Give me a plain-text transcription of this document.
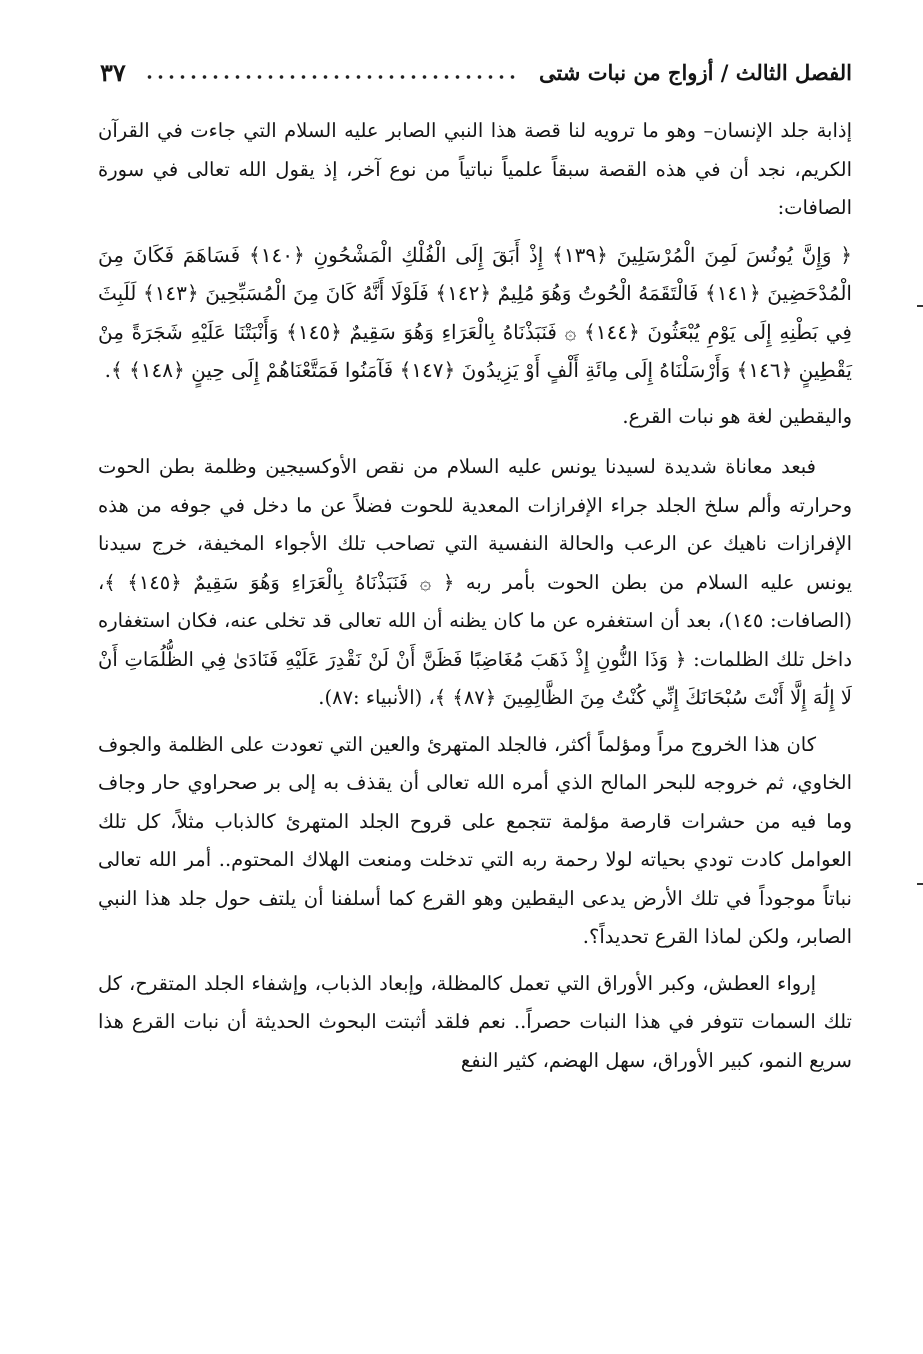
الفصل الثالث / أزواج من نبات شتى
٣٧

إذابة جلد الإنسان– وهو ما ترويه لنا قصة هذا النبي الصابر عليه السلام التي جاءت في القرآن الكريم، نجد أن في هذه القصة سبقاً علمياً نباتياً من نوع آخر، إذ يقول الله تعالى في سورة الصافات:

﴿ وَإِنَّ يُونُسَ لَمِنَ الْمُرْسَلِينَ ﴿١٣٩﴾ إِذْ أَبَقَ إِلَى الْفُلْكِ الْمَشْحُونِ ﴿١٤٠﴾ فَسَاهَمَ فَكَانَ مِنَ الْمُدْحَضِينَ ﴿١٤١﴾ فَالْتَقَمَهُ الْحُوتُ وَهُوَ مُلِيمٌ ﴿١٤٢﴾ فَلَوْلَا أَنَّهُ كَانَ مِنَ الْمُسَبِّحِينَ ﴿١٤٣﴾ لَلَبِثَ فِي بَطْنِهِ إِلَى يَوْمِ يُبْعَثُونَ ﴿١٤٤﴾ ۞ فَنَبَذْنَاهُ بِالْعَرَاءِ وَهُوَ سَقِيمٌ ﴿١٤٥﴾ وَأَنْبَتْنَا عَلَيْهِ شَجَرَةً مِنْ يَقْطِينٍ ﴿١٤٦﴾ وَأَرْسَلْنَاهُ إِلَى مِائَةِ أَلْفٍ أَوْ يَزِيدُونَ ﴿١٤٧﴾ فَآمَنُوا فَمَتَّعْنَاهُمْ إِلَى حِينٍ ﴿١٤٨﴾ ﴾.

واليقطين لغة هو نبات القرع.

فبعد معاناة شديدة لسيدنا يونس عليه السلام من نقص الأوكسيجين وظلمة بطن الحوت وحرارته وألم سلخ الجلد جراء الإفرازات المعدية للحوت فضلاً عن ما دخل في جوفه من هذه الإفرازات ناهيك عن الرعب والحالة النفسية التي تصاحب تلك الأجواء المخيفة، خرج سيدنا يونس عليه السلام من بطن الحوت بأمر ربه ﴿ ۞ فَنَبَذْنَاهُ بِالْعَرَاءِ وَهُوَ سَقِيمٌ ﴿١٤٥﴾ ﴾، (الصافات: ١٤٥)، بعد أن استغفره عن ما كان يظنه أن الله تعالى قد تخلى عنه، فكان استغفاره داخل تلك الظلمات: ﴿ وَذَا النُّونِ إِذْ ذَهَبَ مُغَاضِبًا فَظَنَّ أَنْ لَنْ نَقْدِرَ عَلَيْهِ فَنَادَىٰ فِي الظُّلُمَاتِ أَنْ لَا إِلَٰهَ إِلَّا أَنْتَ سُبْحَانَكَ إِنِّي كُنْتُ مِنَ الظَّالِمِينَ ﴿٨٧﴾ ﴾، (الأنبياء :٨٧).

كان هذا الخروج مراً ومؤلماً أكثر، فالجلد المتهرئ والعين التي تعودت على الظلمة والجوف الخاوي، ثم خروجه للبحر المالح الذي أمره الله تعالى أن يقذف به إلى بر صحراوي حار وجاف وما فيه من حشرات قارصة مؤلمة تتجمع على قروح الجلد المتهرئ كالذباب مثلاً، كل تلك العوامل كادت تودي بحياته لولا رحمة ربه التي تدخلت ومنعت الهلاك المحتوم.. أمر الله تعالى نباتاً موجوداً في تلك الأرض يدعى اليقطين وهو القرع كما أسلفنا أن يلتف حول جلد هذا النبي الصابر، ولكن لماذا القرع تحديداً؟.

إرواء العطش، وكبر الأوراق التي تعمل كالمظلة، وإبعاد الذباب، وإشفاء الجلد المتقرح، كل تلك السمات تتوفر في هذا النبات حصراً.. نعم فلقد أثبتت البحوث الحديثة أن نبات القرع هذا سريع النمو، كبير الأوراق، سهل الهضم، كثير النفع
